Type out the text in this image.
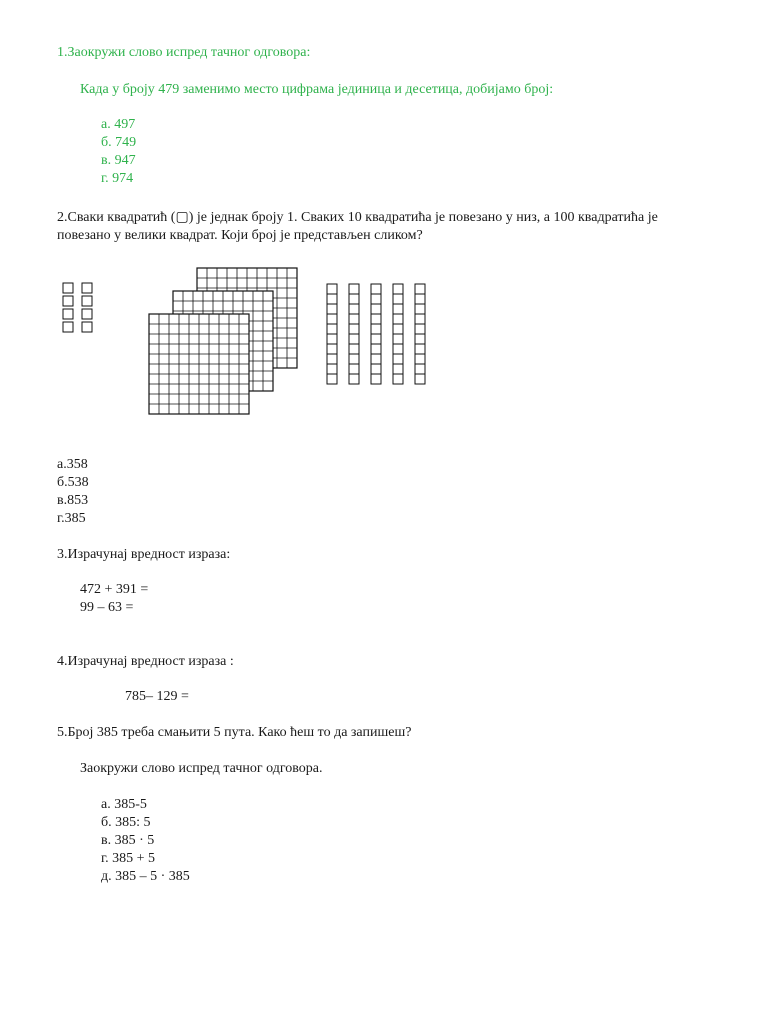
1.Заокружи слово испред тачног одговора:
Када у броју 479 заменимо место цифрама јединица и десетица, добијамо број:
а. 497
б. 749
в. 947
г. 974
2.Сваки квадратић (▢) је једнак броју 1. Сваких 10 квадратића је повезано у низ, а 100 квадратића је
повезано у велики квадрат. Који број је представљен сликом?
а.358
б.538
в.853
г.385
3.Израчунај вредност израза:
472 + 391 =
99 – 63 =
4.Израчунај вредност израза :
785– 129 =
5.Број 385 треба смањити 5 пута. Како ћеш то да запишеш?
Заокружи слово испред тачног одговора.
а. 385-5
б. 385: 5
в. 385 · 5
г. 385 + 5
д. 385 – 5 · 385
